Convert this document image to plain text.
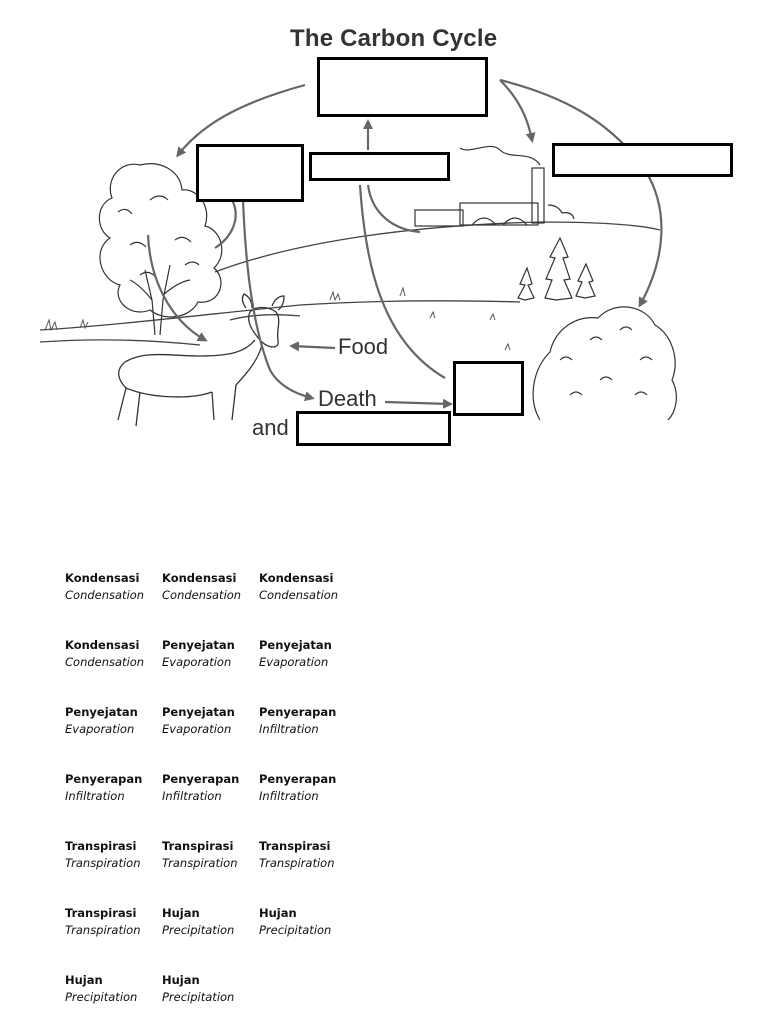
The Carbon Cycle
Food
Death
and
Kondensasi
Condensation
Kondensasi
Condensation
Kondensasi
Condensation
Kondensasi
Condensation
Penyejatan
Evaporation
Penyejatan
Evaporation
Penyejatan
Evaporation
Penyejatan
Evaporation
Penyerapan
Infiltration
Penyerapan
Infiltration
Penyerapan
Infiltration
Penyerapan
Infiltration
Transpirasi
Transpiration
Transpirasi
Transpiration
Transpirasi
Transpiration
Transpirasi
Transpiration
Hujan
Precipitation
Hujan
Precipitation
Hujan
Precipitation
Hujan
Precipitation
